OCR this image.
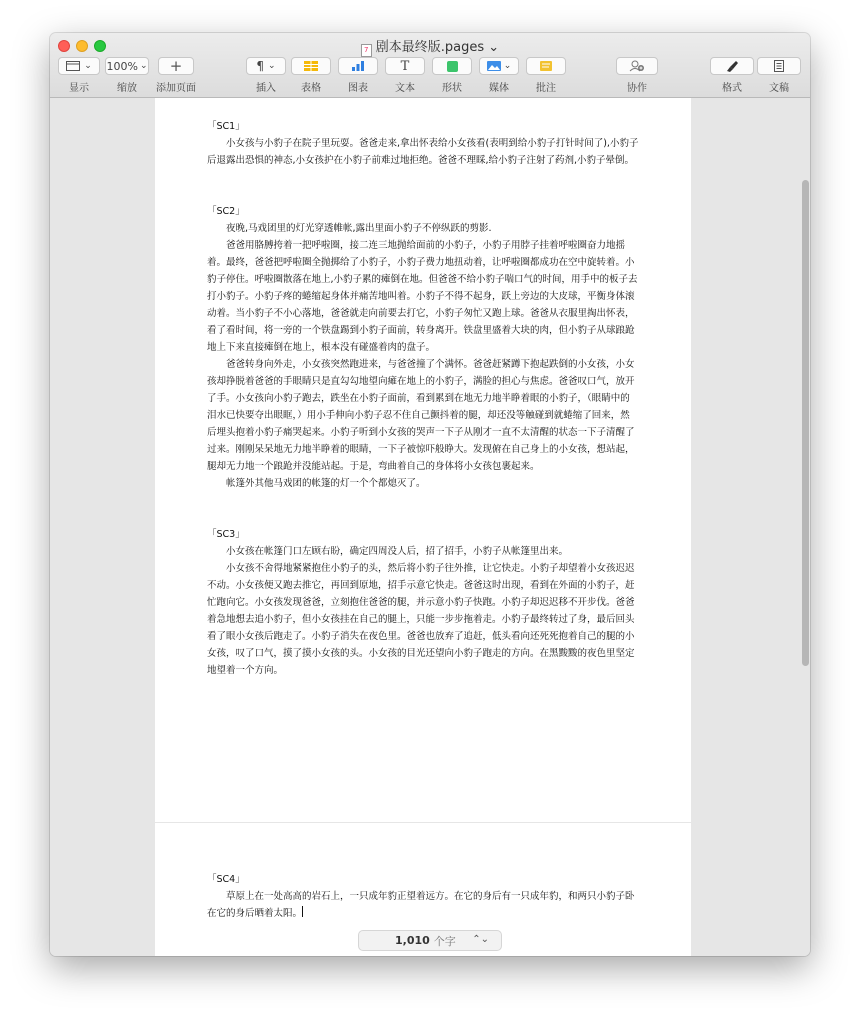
7 剧本最终版.pages ⌄
⌄
显示
100% ⌄
缩放
+
添加页面
¶ ⌄
插入	表格	图表
T
文本	形状
⌄
媒体	批注	协作	格式	文稿

「SC1」

小女孩与小豹子在院子里玩耍。爸爸走来,拿出怀表给小女孩看(表明到给小豹子打针时间了),小豹子后退露出恐惧的神态,小女孩护在小豹子前难过地拒绝。爸爸不理睬,给小豹子注射了药剂,小豹子晕倒。

「SC2」

夜晚,马戏团里的灯光穿透帷帐,露出里面小豹子不停纵跃的剪影.

爸爸用胳膊挎着一把呼啦圈，接二连三地抛给面前的小豹子，小豹子用脖子挂着呼啦圈奋力地摇着。最终，爸爸把呼啦圈全抛掷给了小豹子，小豹子费力地扭动着，让呼啦圈都成功在空中旋转着。小豹子停住。呼啦圈散落在地上,小豹子累的瘫倒在地。但爸爸不给小豹子喘口气的时间，用手中的板子去打小豹子。小豹子疼的蜷缩起身体并痛苦地叫着。小豹子不得不起身，跃上旁边的大皮球，平衡身体滚动着。当小豹子不小心落地，爸爸就走向前要去打它，小豹子匆忙又跑上球。爸爸从衣服里掏出怀表，看了看时间，将一旁的一个铁盘踢到小豹子面前，转身离开。铁盘里盛着大块的肉，但小豹子从球踉跄地上下来直接瘫倒在地上，根本没有碰盛着肉的盘子。

爸爸转身向外走，小女孩突然跑进来，与爸爸撞了个满怀。爸爸赶紧蹲下抱起跌倒的小女孩，小女孩却挣脱着爸爸的手眼睛只是直勾勾地望向瘫在地上的小豹子，满脸的担心与焦虑。爸爸叹口气，放开了手。小女孩向小豹子跑去，跌坐在小豹子面前，看到累到在地无力地半睁着眼的小豹子，（眼睛中的泪水已快要夺出眼眶，）用小手伸向小豹子忍不住自己颤抖着的腿，却还没等触碰到就蜷缩了回来，然后埋头抱着小豹子痛哭起来。小豹子听到小女孩的哭声一下子从刚才一直不太清醒的状态一下子清醒了过来。刚刚呆呆地无力地半睁着的眼睛，一下子被惊吓般睁大。发现俯在自己身上的小女孩，想站起，腿却无力地一个踉跄并没能站起。于是，弯曲着自己的身体将小女孩包裹起来。

帐篷外其他马戏团的帐篷的灯一个个都熄灭了。

「SC3」

小女孩在帐篷门口左顾右盼，确定四周没人后，招了招手，小豹子从帐篷里出来。

小女孩不舍得地紧紧抱住小豹子的头，然后将小豹子往外推，让它快走。小豹子却望着小女孩迟迟不动。小女孩便又跑去推它，再回到原地，招手示意它快走。爸爸这时出现，看到在外面的小豹子，赶忙跑向它。小女孩发现爸爸，立刻抱住爸爸的腿，并示意小豹子快跑。小豹子却迟迟移不开步伐。爸爸着急地想去追小豹子，但小女孩挂在自己的腿上，只能一步步拖着走。小豹子最终转过了身，最后回头看了眼小女孩后跑走了。小豹子消失在夜色里。爸爸也放弃了追赶，低头看向还死死抱着自己的腿的小女孩，叹了口气，摸了摸小女孩的头。小女孩的目光还望向小豹子跑走的方向。在黑黢黢的夜色里坚定地望着一个方向。

「SC4」

草原上在一处高高的岩石上，一只成年豹正望着远方。在它的身后有一只成年豹，和两只小豹子卧在它的身后晒着太阳。

1,010 个字 ⌃⌄
